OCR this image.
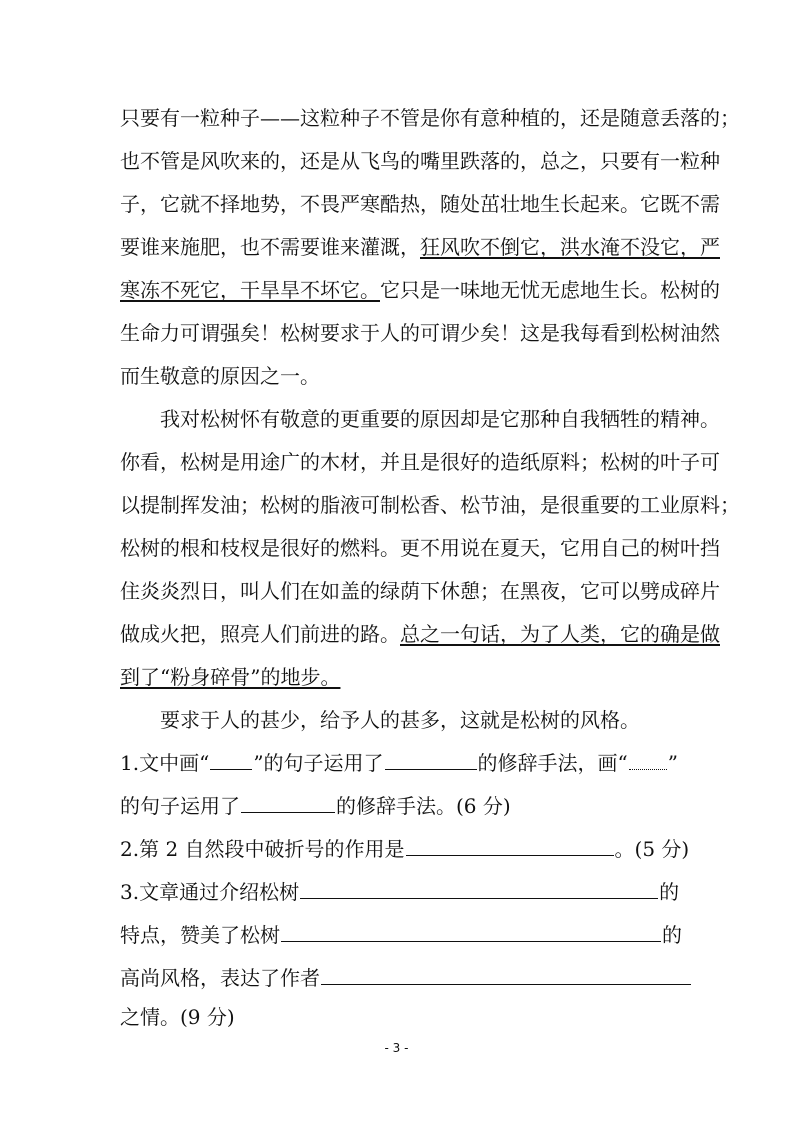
只要有一粒种子——这粒种子不管是你有意种植的，还是随意丢落的；
也不管是风吹来的，还是从飞鸟的嘴里跌落的，总之，只要有一粒种
子，它就不择地势，不畏严寒酷热，随处茁壮地生长起来。它既不需
要谁来施肥，也不需要谁来灌溉，狂风吹不倒它，洪水淹不没它，严
寒冻不死它，干旱旱不坏它。它只是一味地无忧无虑地生长。松树的
生命力可谓强矣！松树要求于人的可谓少矣！这是我每看到松树油然
而生敬意的原因之一。
我对松树怀有敬意的更重要的原因却是它那种自我牺牲的精神。
你看，松树是用途广的木材，并且是很好的造纸原料；松树的叶子可
以提制挥发油；松树的脂液可制松香、松节油，是很重要的工业原料；
松树的根和枝杈是很好的燃料。更不用说在夏天，它用自己的树叶挡
住炎炎烈日，叫人们在如盖的绿荫下休憩；在黑夜，它可以劈成碎片
做成火把，照亮人们前进的路。总之一句话，为了人类，它的确是做
到了“粉身碎骨”的地步。
要求于人的甚少，给予人的甚多，这就是松树的风格。
1.文中画“ ”的句子运用了	的修辞手法，画“ ”
的句子运用了	的修辞手法。(6 分)
2.第 2 自然段中破折号的作用是	。(5 分)
3.文章通过介绍松树	的
特点，赞美了松树	的
高尚风格，表达了作者
之情。(9 分)
- 3 -
